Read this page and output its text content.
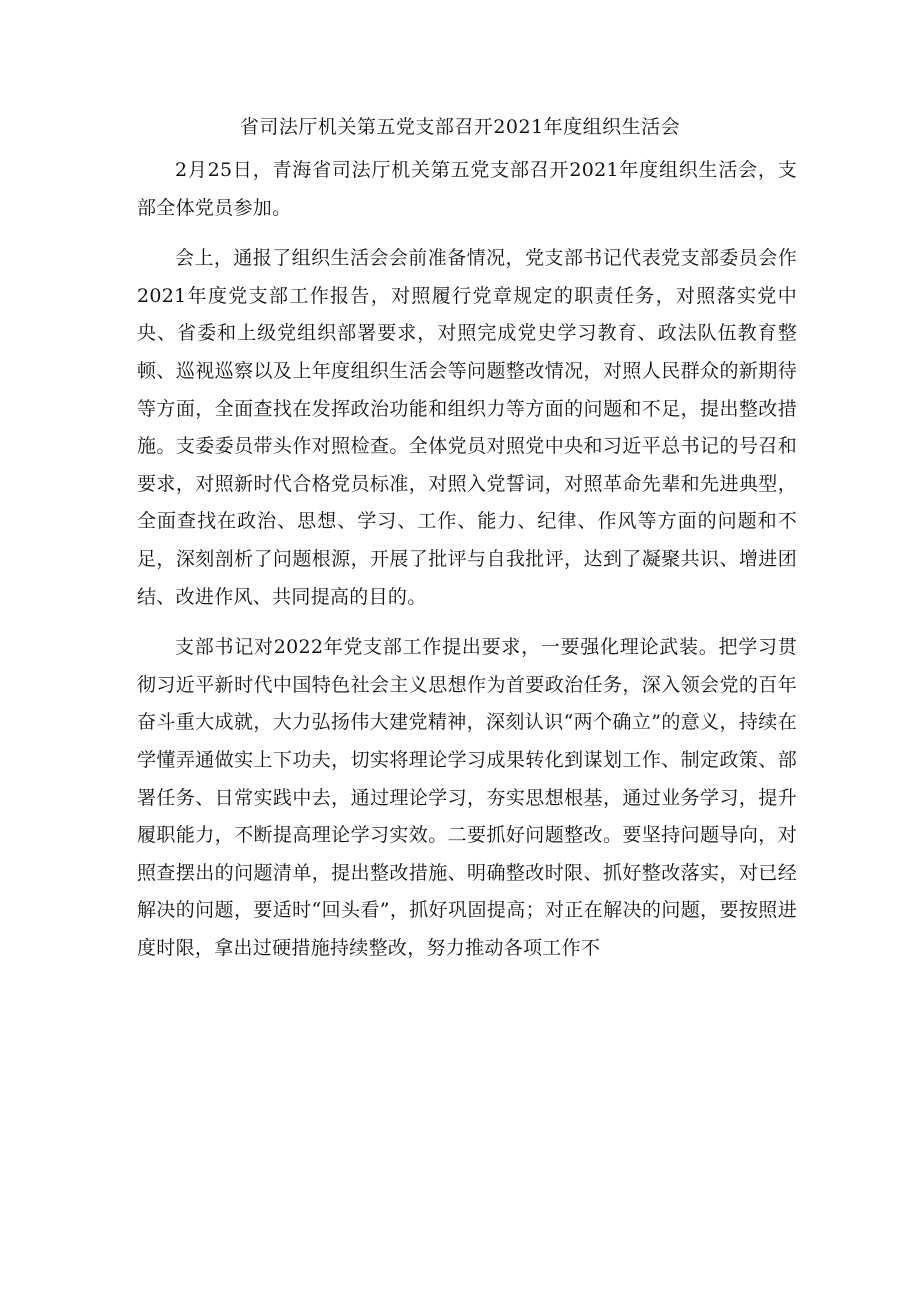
省司法厅机关第五党支部召开2021年度组织生活会

2月25日，青海省司法厅机关第五党支部召开2021年度组织生活会，支部全体党员参加。

会上，通报了组织生活会会前准备情况，党支部书记代表党支部委员会作2021年度党支部工作报告，对照履行党章规定的职责任务，对照落实党中央、省委和上级党组织部署要求，对照完成党史学习教育、政法队伍教育整顿、巡视巡察以及上年度组织生活会等问题整改情况，对照人民群众的新期待等方面，全面查找在发挥政治功能和组织力等方面的问题和不足，提出整改措施。支委委员带头作对照检查。全体党员对照党中央和习近平总书记的号召和要求，对照新时代合格党员标准，对照入党誓词，对照革命先辈和先进典型，全面查找在政治、思想、学习、工作、能力、纪律、作风等方面的问题和不足，深刻剖析了问题根源，开展了批评与自我批评，达到了凝聚共识、增进团结、改进作风、共同提高的目的。

支部书记对2022年党支部工作提出要求，一要强化理论武装。把学习贯彻习近平新时代中国特色社会主义思想作为首要政治任务，深入领会党的百年奋斗重大成就，大力弘扬伟大建党精神，深刻认识“两个确立”的意义，持续在学懂弄通做实上下功夫，切实将理论学习成果转化到谋划工作、制定政策、部署任务、日常实践中去，通过理论学习，夯实思想根基，通过业务学习，提升履职能力，不断提高理论学习实效。二要抓好问题整改。要坚持问题导向，对照查摆出的问题清单，提出整改措施、明确整改时限、抓好整改落实，对已经解决的问题，要适时“回头看”，抓好巩固提高；对正在解决的问题，要按照进度时限，拿出过硬措施持续整改，努力推动各项工作不
